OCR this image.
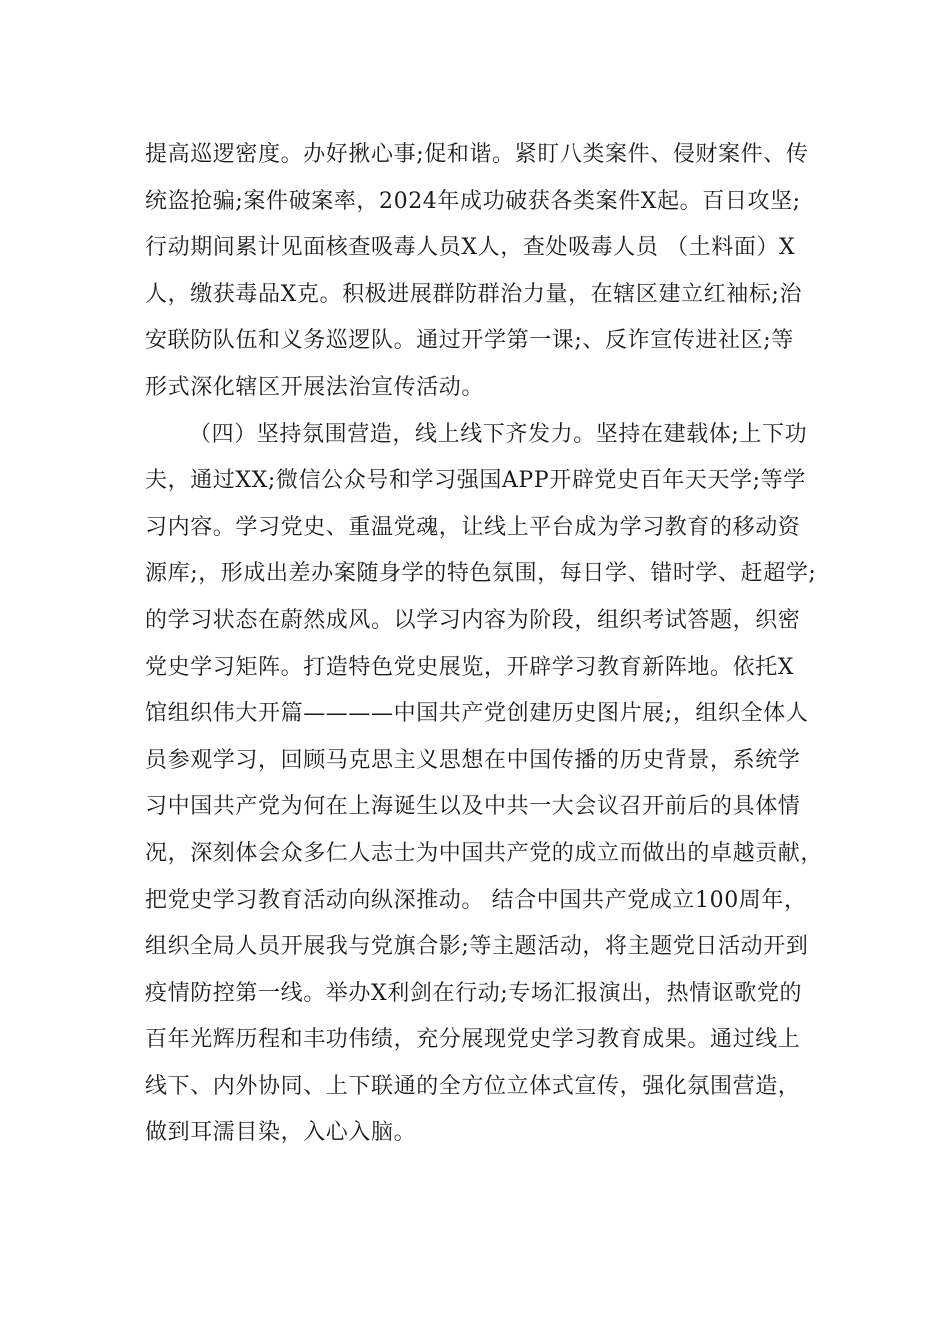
提高巡逻密度。办好揪心事;促和谐。紧盯八类案件、侵财案件、传
统盗抢骗;案件破案率，2024年成功破获各类案件X起。百日攻坚;
行动期间累计见面核查吸毒人员X人，查处吸毒人员 （土料面）X
人，缴获毒品X克。积极进展群防群治力量，在辖区建立红袖标;治
安联防队伍和义务巡逻队。通过开学第一课;、反诈宣传进社区;等
形式深化辖区开展法治宣传活动。
（四）坚持氛围营造，线上线下齐发力。坚持在建载体;上下功
夫，通过XX;微信公众号和学习强国APP开辟党史百年天天学;等学
习内容。学习党史、重温党魂，让线上平台成为学习教育的移动资
源库;，形成出差办案随身学的特色氛围，每日学、错时学、赶超学;
的学习状态在蔚然成风。以学习内容为阶段，组织考试答题，织密
党史学习矩阵。打造特色党史展览，开辟学习教育新阵地。依托X
馆组织伟大开篇————中国共产党创建历史图片展;，组织全体人
员参观学习，回顾马克思主义思想在中国传播的历史背景，系统学
习中国共产党为何在上海诞生以及中共一大会议召开前后的具体情
况，深刻体会众多仁人志士为中国共产党的成立而做出的卓越贡献，
把党史学习教育活动向纵深推动。 结合中国共产党成立100周年，
组织全局人员开展我与党旗合影;等主题活动，将主题党日活动开到
疫情防控第一线。举办X利剑在行动;专场汇报演出，热情讴歌党的
百年光辉历程和丰功伟绩，充分展现党史学习教育成果。通过线上
线下、内外协同、上下联通的全方位立体式宣传，强化氛围营造，
做到耳濡目染，入心入脑。
